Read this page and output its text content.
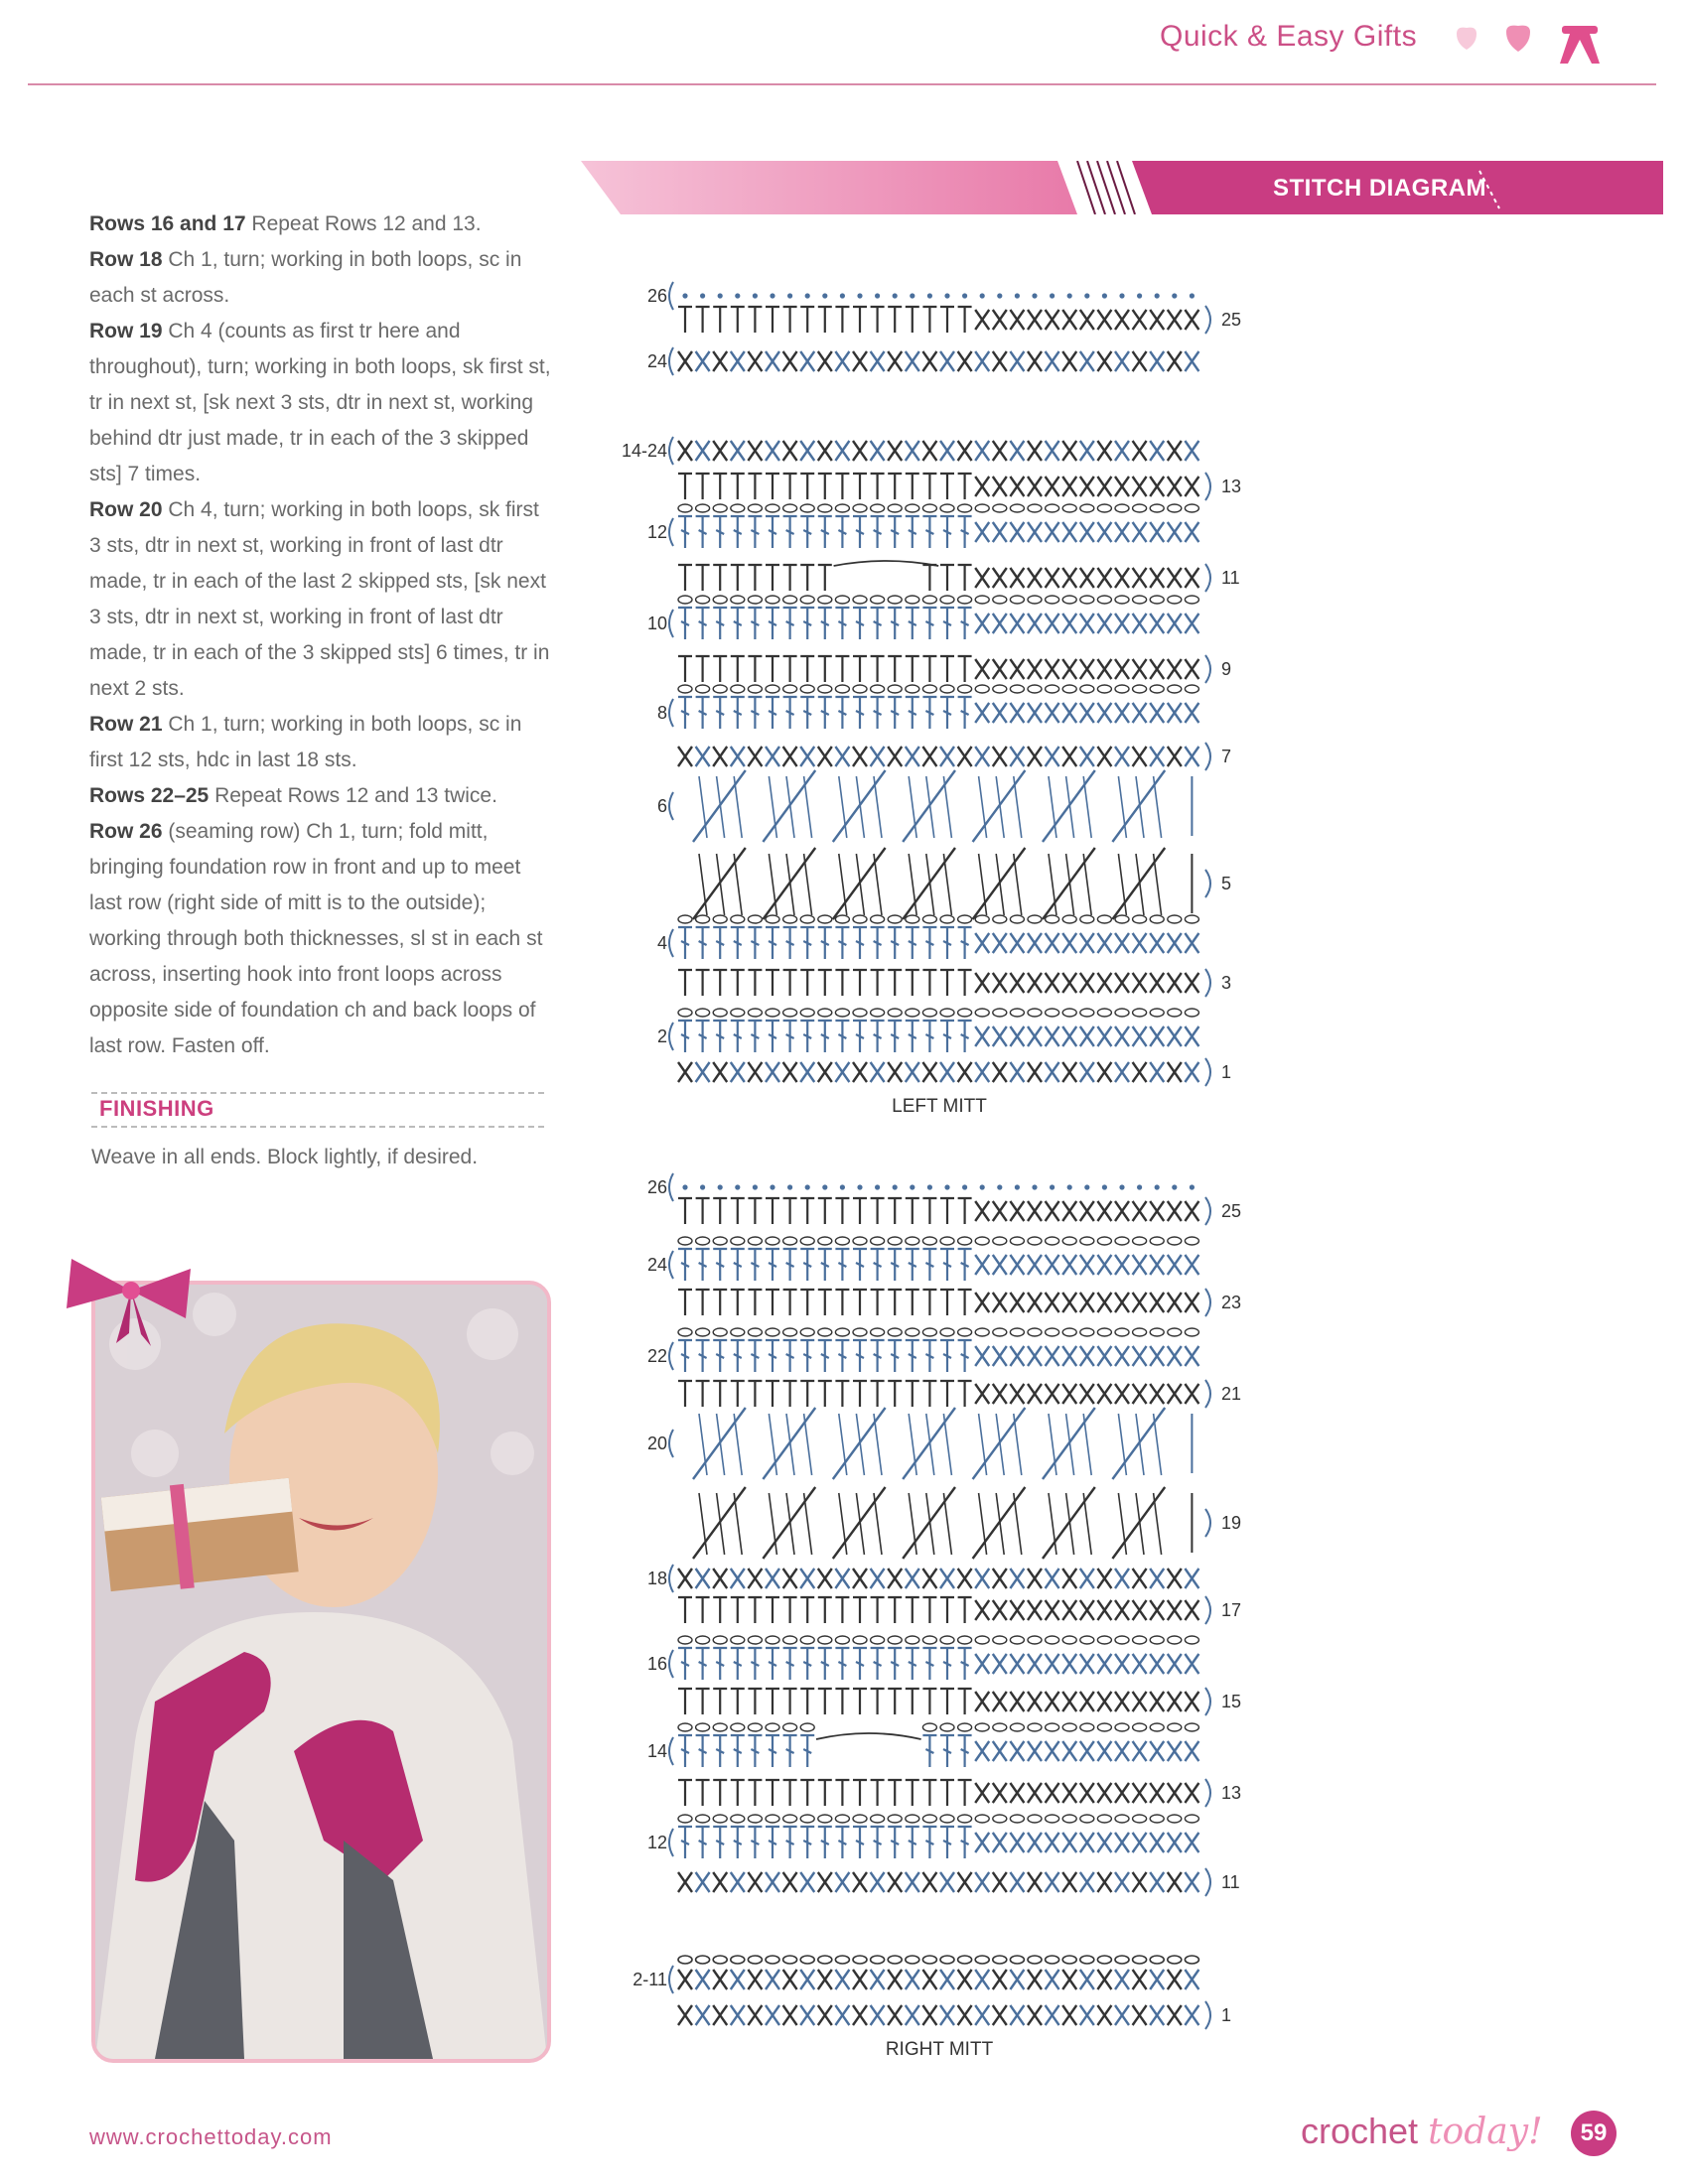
Quick & Easy Gifts
STITCH DIAGRAM

Rows 16 and 17 Repeat Rows 12 and 13.

Row 18 Ch 1, turn; working in both loops, sc in each st across.

Row 19 Ch 4 (counts as first tr here and throughout), turn; working in both loops, sk first st, tr in next st, [sk next 3 sts, dtr in next st, working behind dtr just made, tr in each of the 3 skipped sts] 7 times.

Row 20 Ch 4, turn; working in both loops, sk first 3 sts, dtr in next st, working in front of last dtr made, tr in each of the last 2 skipped sts, [sk next 3 sts, dtr in next st, working in front of last dtr made, tr in each of the 3 skipped sts] 6 times, tr in next 2 sts.

Row 21 Ch 1, turn; working in both loops, sc in first 12 sts, hdc in last 18 sts.

Rows 22–25 Repeat Rows 12 and 13 twice.

Row 26 (seaming row) Ch 1, turn; fold mitt, bringing foundation row in front and up to meet last row (right side of mitt is to the outside); working through both thicknesses, sl st in each st across, inserting hook into front loops across opposite side of foundation ch and back loops of last row. Fasten off.

FINISHING
Weave in all ends. Block lightly, if desired.
26
25
24
14-24
13
12
11
10
9
8
7
6
5
4
3
2
1
LEFT MITT
26
25
24
23
22
21
20
19
18
17
16
15
14
13
12
11
2-11
1
RIGHT MITT
www.crochettoday.com	crochet today!	59
